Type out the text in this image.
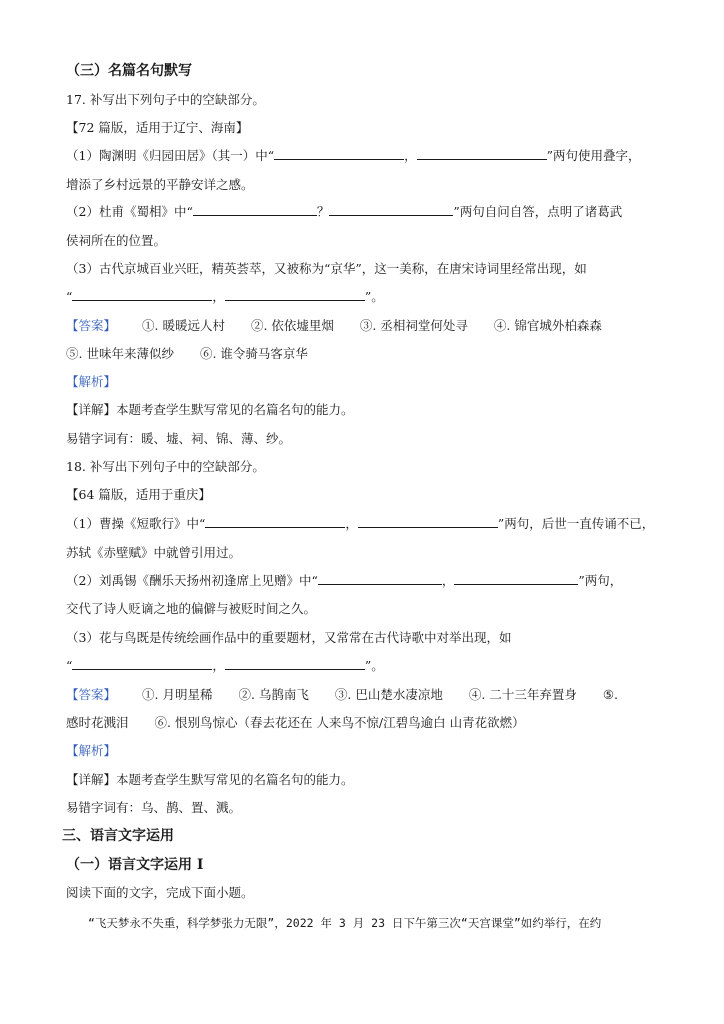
（三）名篇名句默写
17. 补写出下列句子中的空缺部分。
【72 篇版，适用于辽宁、海南】
（1）陶渊明《归园田居》（其一）中“	，	”两句使用叠字，
增添了乡村远景的平静安详之感。
（2）杜甫《蜀相》中“	？	”两句自问自答，点明了诸葛武
侯祠所在的位置。
（3）古代京城百业兴旺，精英荟萃，又被称为“京华”，这一美称，在唐宋诗词里经常出现，如
“	，	”。
【答案】 ①. 暖暖远人村 ②. 依依墟里烟 ③. 丞相祠堂何处寻 ④. 锦官城外柏森森
⑤. 世味年来薄似纱 ⑥. 谁令骑马客京华
【解析】
【详解】本题考查学生默写常见的名篇名句的能力。
易错字词有：暖、墟、祠、锦、薄、纱。
18. 补写出下列句子中的空缺部分。
【64 篇版，适用于重庆】
（1）曹操《短歌行》中“	，	”两句，后世一直传诵不已，
苏轼《赤壁赋》中就曾引用过。
（2）刘禹锡《酬乐天扬州初逢席上见赠》中“	，	”两句，
交代了诗人贬谪之地的偏僻与被贬时间之久。
（3）花与鸟既是传统绘画作品中的重要题材，又常常在古代诗歌中对举出现，如
“	，	”。
【答案】 ①. 月明星稀 ②. 乌鹊南飞 ③. 巴山楚水凄凉地 ④. 二十三年弃置身 ⑤.
感时花溅泪 ⑥. 恨别鸟惊心（春去花还在 人来鸟不惊/江碧鸟逾白 山青花欲燃）
【解析】
【详解】本题考查学生默写常见的名篇名句的能力。
易错字词有：乌、鹊、置、溅。
三、语言文字运用
（一）语言文字运用 I
阅读下面的文字，完成下面小题。
“飞天梦永不失重，科学梦张力无限”，2022 年 3 月 23 日下午第三次“天宫课堂”如约举行，在约
